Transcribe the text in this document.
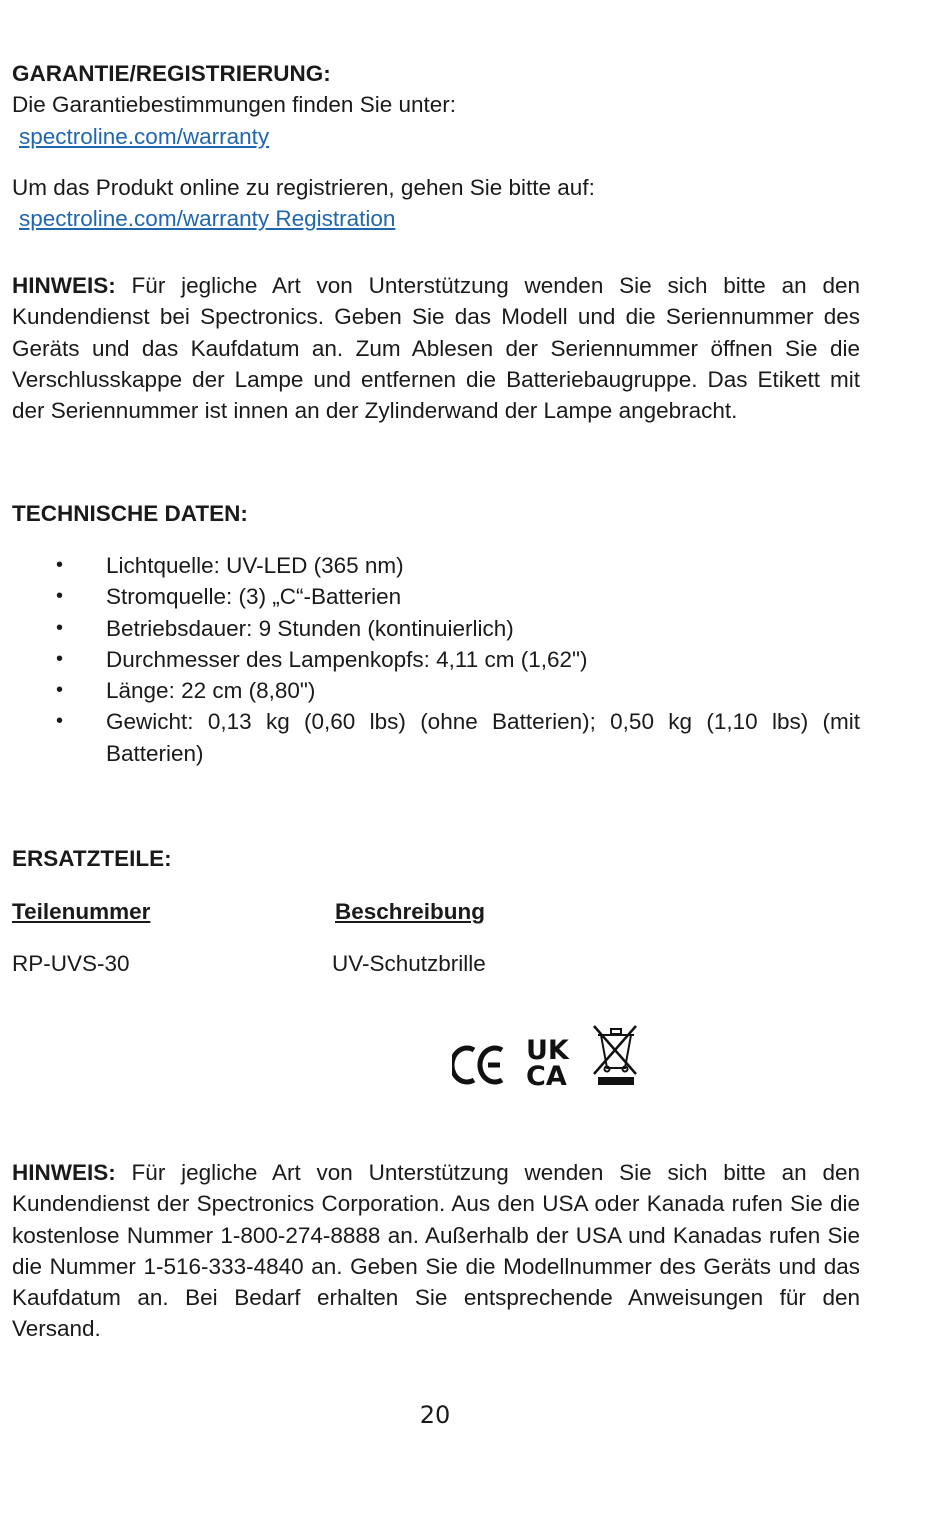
GARANTIE/REGISTRIERUNG:

Die Garantiebestimmungen finden Sie unter:

spectroline.com/warranty

Um das Produkt online zu registrieren, gehen Sie bitte auf:

spectroline.com/warranty Registration

HINWEIS: Für jegliche Art von Unterstützung wenden Sie sich bitte an den Kundendienst bei Spectronics. Geben Sie das Modell und die Seriennummer des Geräts und das Kaufdatum an. Zum Ablesen der Seriennummer öffnen Sie die Verschlusskappe der Lampe und entfernen die Batteriebaugruppe. Das Etikett mit der Seriennummer ist innen an der Zylinderwand der Lampe angebracht.

TECHNISCHE DATEN:

• Lichtquelle: UV-LED (365 nm)
• Stromquelle: (3) „C“-Batterien
• Betriebsdauer: 9 Stunden (kontinuierlich)
• Durchmesser des Lampenkopfs: 4,11 cm (1,62")
• Länge: 22 cm (8,80")
• Gewicht: 0,13 kg (0,60 lbs) (ohne Batterien); 0,50 kg (1,10 lbs) (mit Batterien)

ERSATZTEILE:

Teilenummer	Beschreibung
RP-UVS-30	UV-Schutzbrille

HINWEIS: Für jegliche Art von Unterstützung wenden Sie sich bitte an den Kundendienst der Spectronics Corporation. Aus den USA oder Kanada rufen Sie die kostenlose Nummer 1-800-274-8888 an. Außerhalb der USA und Kanadas rufen Sie die Nummer 1-516-333-4840 an. Geben Sie die Modellnummer des Geräts und das Kaufdatum an. Bei Bedarf erhalten Sie entsprechende Anweisungen für den Versand.

UK
CA
20
